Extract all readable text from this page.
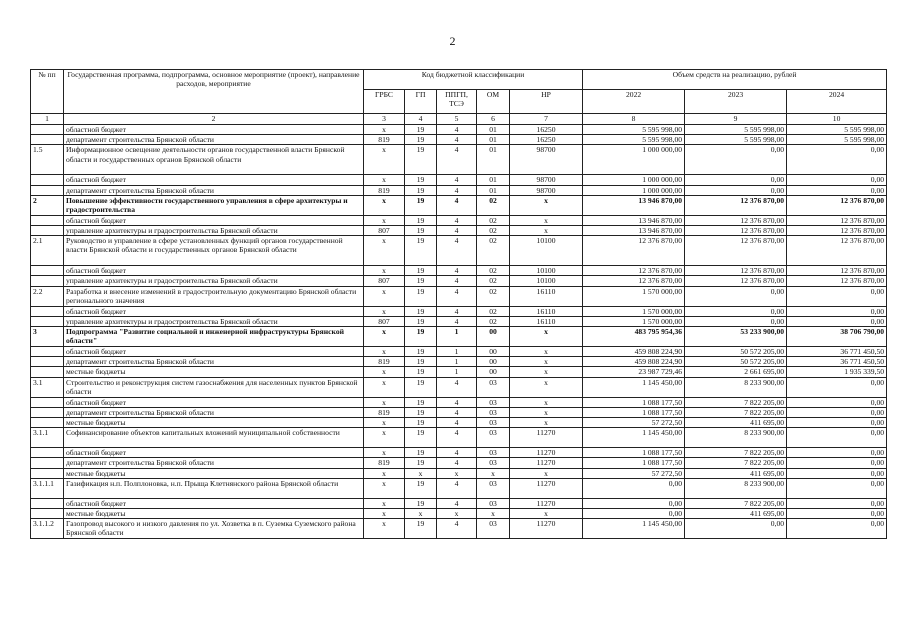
2
№ пп	Государственная программа, подпрограмма, основное мероприятие (проект), направление расходов, мероприятие	Код бюджетной классификации					Объем средств на реализацию, рублей		
		ГРБС	ГП	ППГП, ТСЭ	ОМ	НР	2022	2023	2024
1	2	3	4	5	6	7	8	9	10
	областной бюджет	x	19	4	01	16250	5 595 998,00	5 595 998,00	5 595 998,00
	департамент строительства Брянской области	819	19	4	01	16250	5 595 998,00	5 595 998,00	5 595 998,00
1.5	Информационное освещение деятельности органов государственной власти Брянской области и государственных органов Брянской области	x	19	4	01	98700	1 000 000,00	0,00	0,00
	областной бюджет	x	19	4	01	98700	1 000 000,00	0,00	0,00
	департамент строительства Брянской области	819	19	4	01	98700	1 000 000,00	0,00	0,00
2	Повышение эффективности государственного управления в сфере архитектуры и градостроительства	x	19	4	02	x	13 946 870,00	12 376 870,00	12 376 870,00
	областной бюджет	x	19	4	02	x	13 946 870,00	12 376 870,00	12 376 870,00
	управление архитектуры и градостроительства Брянской области	807	19	4	02	x	13 946 870,00	12 376 870,00	12 376 870,00
2.1	Руководство и управление в сфере установленных функций органов государственной власти Брянской области и государственных органов Брянской области	x	19	4	02	10100	12 376 870,00	12 376 870,00	12 376 870,00
	областной бюджет	x	19	4	02	10100	12 376 870,00	12 376 870,00	12 376 870,00
	управление архитектуры и градостроительства Брянской области	807	19	4	02	10100	12 376 870,00	12 376 870,00	12 376 870,00
2.2	Разработка и внесение изменений в градостроительную документацию Брянской области регионального значения	x	19	4	02	16110	1 570 000,00	0,00	0,00
	областной бюджет	x	19	4	02	16110	1 570 000,00	0,00	0,00
	управление архитектуры и градостроительства Брянской области	807	19	4	02	16110	1 570 000,00	0,00	0,00
3	Подпрограмма "Развитие социальной и инженерной инфраструктуры Брянской области"	x	19	1	00	x	483 795 954,36	53 233 900,00	38 706 790,00
	областной бюджет	x	19	1	00	x	459 808 224,90	50 572 205,00	36 771 450,50
	департамент строительства Брянской области	819	19	1	00	x	459 808 224,90	50 572 205,00	36 771 450,50
	местные бюджеты	x	19	1	00	x	23 987 729,46	2 661 695,00	1 935 339,50
3.1	Строительство и реконструкция систем газоснабжения для населенных пунктов Брянской области	x	19	4	03	x	1 145 450,00	8 233 900,00	0,00
	областной бюджет	x	19	4	03	x	1 088 177,50	7 822 205,00	0,00
	департамент строительства Брянской области	819	19	4	03	x	1 088 177,50	7 822 205,00	0,00
	местные бюджеты	x	19	4	03	x	57 272,50	411 695,00	0,00
3.1.1	Софинансирование объектов капитальных вложений муниципальной собственности	x	19	4	03	11270	1 145 450,00	8 233 900,00	0,00
	областной бюджет	x	19	4	03	11270	1 088 177,50	7 822 205,00	0,00
	департамент строительства Брянской области	819	19	4	03	11270	1 088 177,50	7 822 205,00	0,00
	местные бюджеты	x	x	x	x	x	57 272,50	411 695,00	0,00
3.1.1.1	Газификация н.п. Полплоновка, н.п. Прыща Клетнянского района Брянской области	x	19	4	03	11270	0,00	8 233 900,00	0,00
	областной бюджет	x	19	4	03	11270	0,00	7 822 205,00	0,00
	местные бюджеты	x	x	x	x	x	0,00	411 695,00	0,00
3.1.1.2	Газопровод высокого и низкого давления по ул. Хозветка в п. Суземка Суземского района Брянской области	x	19	4	03	11270	1 145 450,00	0,00	0,00
